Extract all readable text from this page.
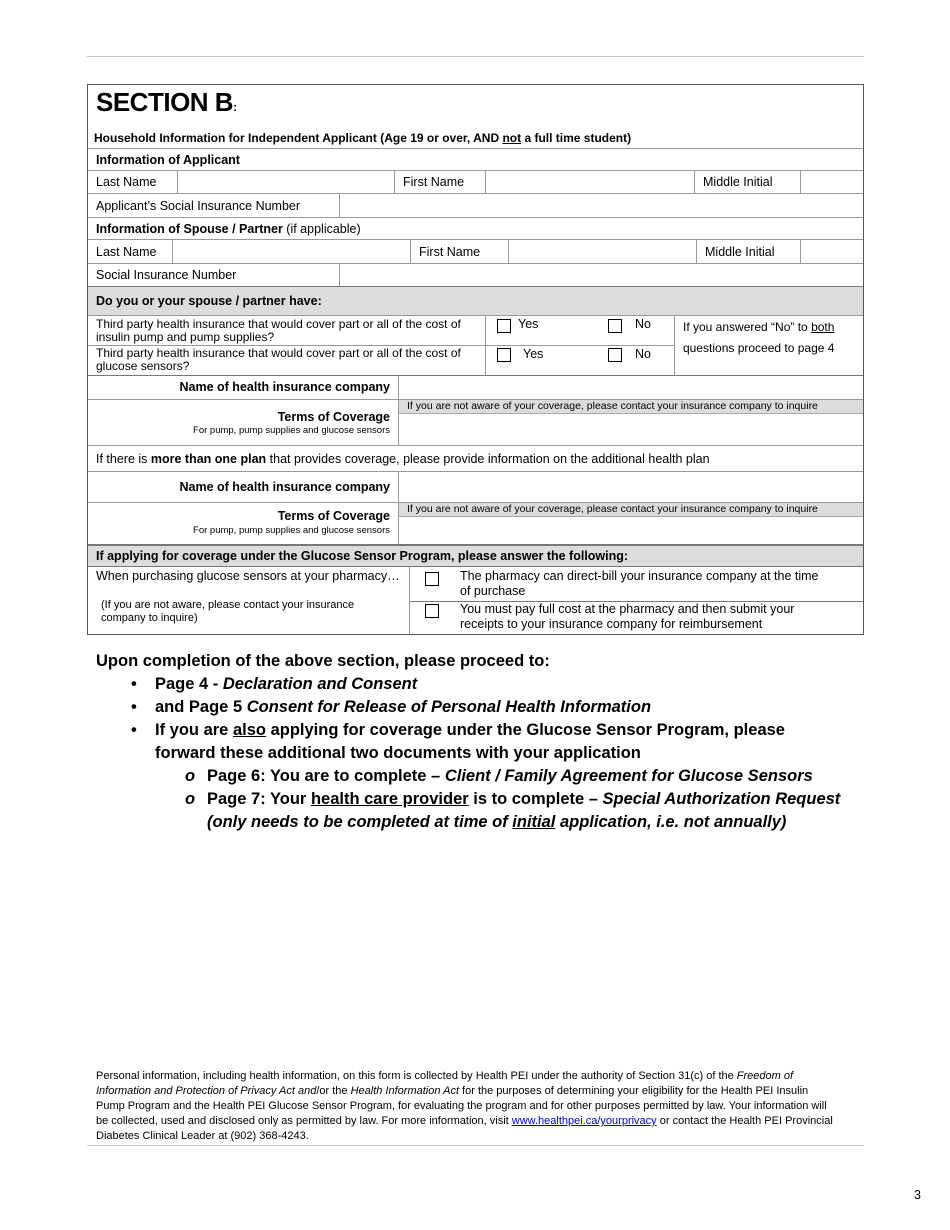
SECTION B:
Household Information for Independent Applicant (Age 19 or over, AND not a full time student)
Information of Applicant
Last Name	First Name	Middle Initial
Applicant’s Social Insurance Number
Information of Spouse / Partner (if applicable)
Last Name	First Name	Middle Initial
Social Insurance Number
Do you or your spouse / partner have:
Third party health insurance that would cover part or all of the cost of insulin pump and pump supplies?
Yes	No
Third party health insurance that would cover part or all of the cost of glucose sensors?
Yes	No
If you answered “No” to both
questions proceed to page 4
Name of health insurance company
Terms of Coverage
For pump, pump supplies and glucose sensors
If you are not aware of your coverage, please contact your insurance company to inquire
If there is more than one plan that provides coverage, please provide information on the additional health plan
Name of health insurance company
Terms of Coverage
For pump, pump supplies and glucose sensors
If you are not aware of your coverage, please contact your insurance company to inquire
If applying for coverage under the Glucose Sensor Program, please answer the following:
When purchasing glucose sensors at your pharmacy…
(If you are not aware, please contact your insurance company to inquire)
The pharmacy can direct-bill your insurance company at the time of purchase
You must pay full cost at the pharmacy and then submit your receipts to your insurance company for reimbursement
Upon completion of the above section, please proceed to:
• Page 4 - Declaration and Consent
• and Page 5 Consent for Release of Personal Health Information
• If you are also applying for coverage under the Glucose Sensor Program, please forward these additional two documents with your application
o Page 6: You are to complete – Client / Family Agreement for Glucose Sensors
o Page 7: Your health care provider is to complete – Special Authorization Request
(only needs to be completed at time of initial application, i.e. not annually)
Personal information, including health information, on this form is collected by Health PEI under the authority of Section 31(c) of the Freedom of Information and Protection of Privacy Act and/or the Health Information Act for the purposes of determining your eligibility for the Health PEI Insulin Pump Program and the Health PEI Glucose Sensor Program, for evaluating the program and for other purposes permitted by law. Your information will be collected, used and disclosed only as permitted by law. For more information, visit www.healthpei.ca/yourprivacy or contact the Health PEI Provincial Diabetes Clinical Leader at (902) 368-4243.
3
